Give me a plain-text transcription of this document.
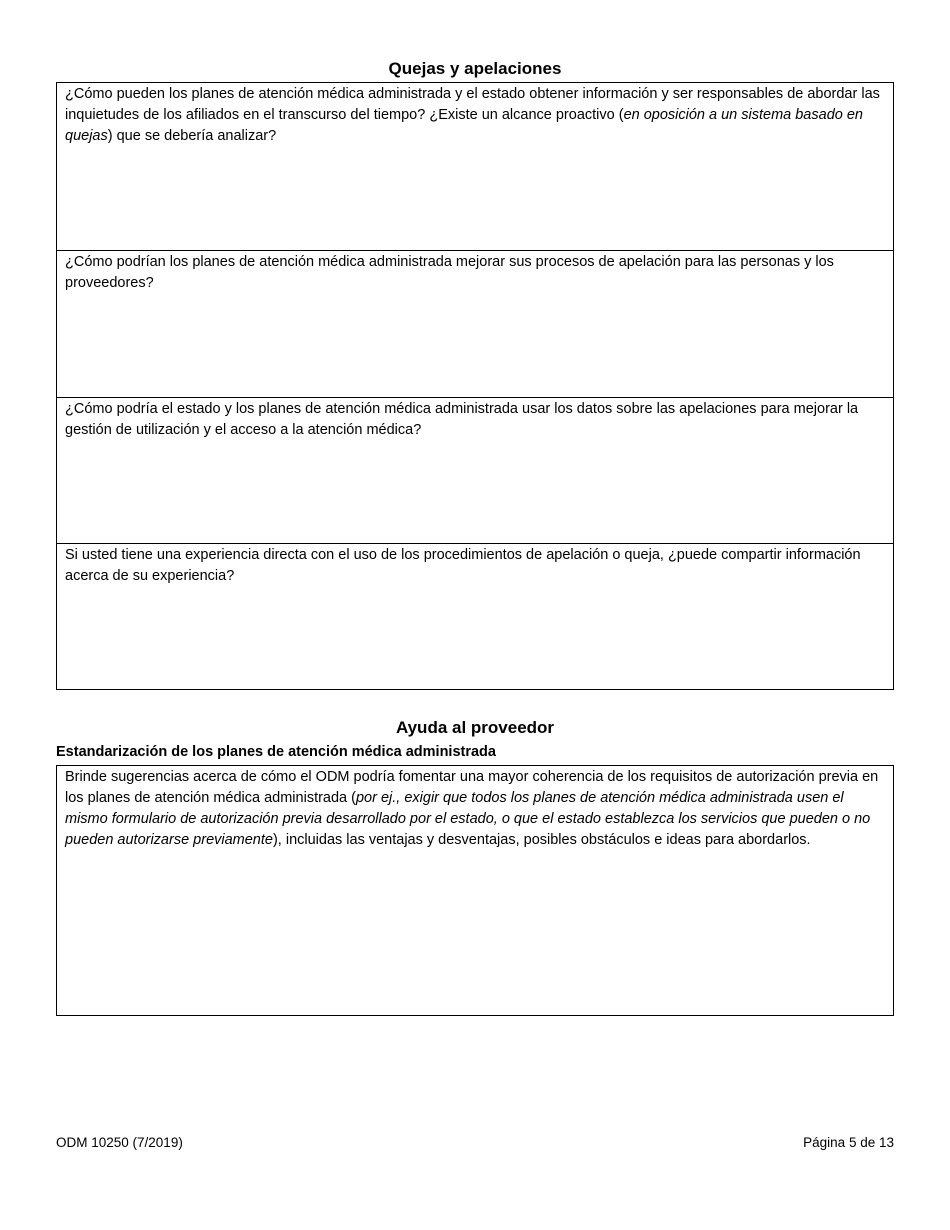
Quejas y apelaciones
¿Cómo pueden los planes de atención médica administrada y el estado obtener información y ser responsables de abordar las inquietudes de los afiliados en el transcurso del tiempo? ¿Existe un alcance proactivo (en oposición a un sistema basado en quejas) que se debería analizar?
¿Cómo podrían los planes de atención médica administrada mejorar sus procesos de apelación para las personas y los proveedores?
¿Cómo podría el estado y los planes de atención médica administrada usar los datos sobre las apelaciones para mejorar la gestión de utilización y el acceso a la atención médica?
Si usted tiene una experiencia directa con el uso de los procedimientos de apelación o queja, ¿puede compartir información acerca de su experiencia?
Ayuda al proveedor
Estandarización de los planes de atención médica administrada
Brinde sugerencias acerca de cómo el ODM podría fomentar una mayor coherencia de los requisitos de autorización previa en los planes de atención médica administrada (por ej., exigir que todos los planes de atención médica administrada usen el mismo formulario de autorización previa desarrollado por el estado, o que el estado establezca los servicios que pueden o no pueden autorizarse previamente), incluidas las ventajas y desventajas, posibles obstáculos e ideas para abordarlos.
ODM 10250 (7/2019)	Página 5 de 13
